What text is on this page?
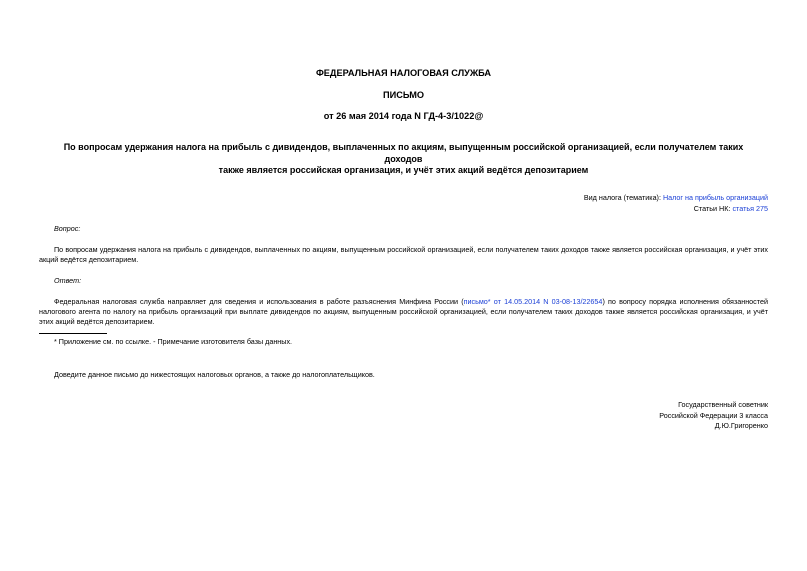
ФЕДЕРАЛЬНАЯ НАЛОГОВАЯ СЛУЖБА
ПИСЬМО
от 26 мая 2014 года N ГД-4-3/1022@
По вопросам удержания налога на прибыль с дивидендов, выплаченных по акциям, выпущенным российской организацией, если получателем таких доходов
также является российская организация, и учёт этих акций ведётся депозитарием
Вид налога (тематика): Налог на прибыль организаций
Статьи НК: статья 275
Вопрос:
По вопросам удержания налога на прибыль с дивидендов, выплаченных по акциям, выпущенным российской организацией, если получателем таких доходов также является российская организация, и учёт этих акций ведётся депозитарием.
Ответ:
Федеральная налоговая служба направляет для сведения и использования в работе разъяснения Минфина России (письмо* от 14.05.2014 N 03-08-13/22654) по вопросу порядка исполнения обязанностей налогового агента по налогу на прибыль организаций при выплате дивидендов по акциям, выпущенным российской организацией, если получателем таких доходов также является российская организация, и учёт этих акций ведётся депозитарием.
* Приложение см. по ссылке. - Примечание изготовителя базы данных.
Доведите данное письмо до нижестоящих налоговых органов, а также до налогоплательщиков.
Государственный советник
Российской Федерации 3 класса
Д.Ю.Григоренко
